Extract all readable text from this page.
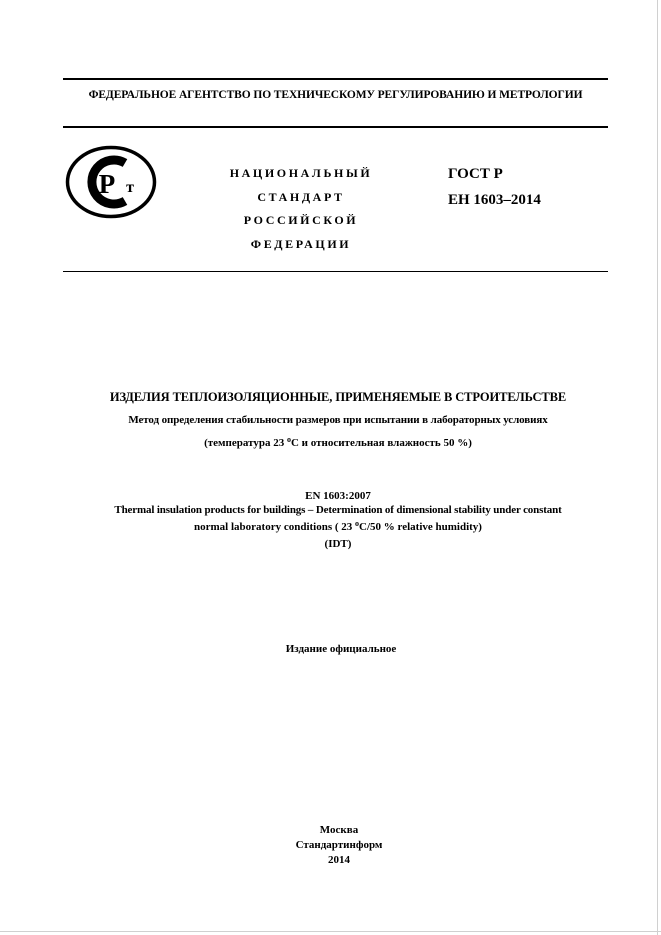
ФЕДЕРАЛЬНОЕ АГЕНТСТВО ПО ТЕХНИЧЕСКОМУ РЕГУЛИРОВАНИЮ И МЕТРОЛОГИИ
P т
НАЦИОНАЛЬНЫЙ
СТАНДАРТ
РОССИЙСКОЙ
ФЕДЕРАЦИИ
ГОСТ Р
ЕН 1603–2014
ИЗДЕЛИЯ ТЕПЛОИЗОЛЯЦИОННЫЕ, ПРИМЕНЯЕМЫЕ В СТРОИТЕЛЬСТВЕ
Метод определения стабильности размеров при испытании в лабораторных условиях
(температура 23 $^о$С и относительная влажность 50 %)
EN 1603:2007
Thermal insulation products for buildings – Determination of dimensional stability under constant
normal laboratory conditions ( 23 $^o$C/50 % relative humidity)
(IDT)
Издание официальное
Москва
Стандартинформ
2014
